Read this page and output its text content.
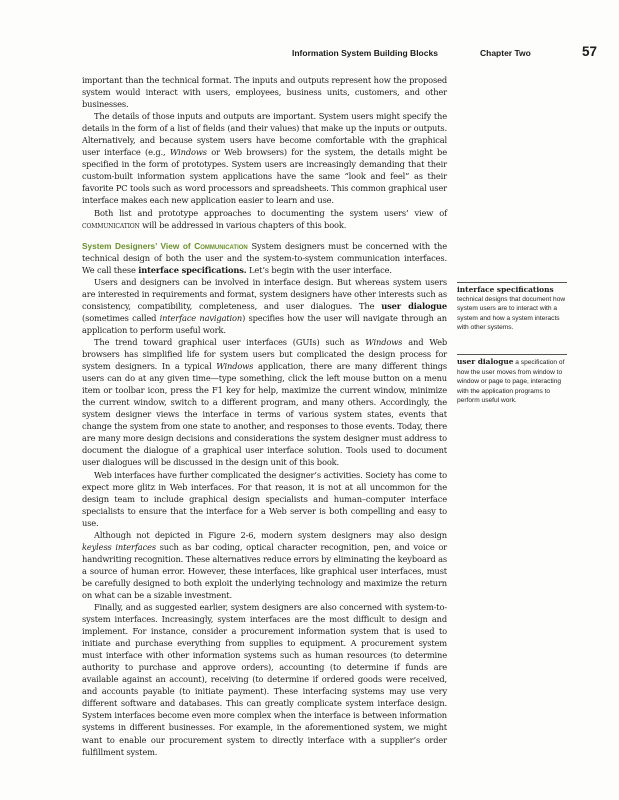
Information System Building Blocks	Chapter Two	57

important than the technical format. The inputs and outputs represent how the proposed system would interact with users, employees, business units, customers, and other businesses.

The details of those inputs and outputs are important. System users might specify the details in the form of a list of fields (and their values) that make up the inputs or outputs. Alternatively, and because system users have become comfortable with the graphical user interface (e.g., Windows or Web browsers) for the system, the details might be specified in the form of prototypes. System users are increasingly demanding that their custom-built information system applications have the same “look and feel” as their favorite PC tools such as word processors and spreadsheets. This common graphical user interface makes each new application easier to learn and use.

Both list and prototype approaches to documenting the system users’ view of communication will be addressed in various chapters of this book.

System Designers’ View of Communication System designers must be concerned with the technical design of both the user and the system-to-system communication interfaces. We call these interface specifications. Let’s begin with the user interface.

Users and designers can be involved in interface design. But whereas system users are interested in requirements and format, system designers have other interests such as consistency, compatibility, completeness, and user dialogues. The user dialogue (sometimes called interface navigation) specifies how the user will navigate through an application to perform useful work.

The trend toward graphical user interfaces (GUIs) such as Windows and Web browsers has simplified life for system users but complicated the design process for system designers. In a typical Windows application, there are many different things users can do at any given time—type something, click the left mouse button on a menu item or toolbar icon, press the F1 key for help, maximize the current window, minimize the current window, switch to a different program, and many others. Accordingly, the system designer views the interface in terms of various system states, events that change the system from one state to another, and responses to those events. Today, there are many more design decisions and considerations the system designer must address to document the dialogue of a graphical user interface solution. Tools used to document user dialogues will be discussed in the design unit of this book.

Web interfaces have further complicated the designer’s activities. Society has come to expect more glitz in Web interfaces. For that reason, it is not at all uncommon for the design team to include graphical design specialists and human–computer interface specialists to ensure that the interface for a Web server is both compelling and easy to use.

Although not depicted in Figure 2-6, modern system designers may also design keyless interfaces such as bar coding, optical character recognition, pen, and voice or handwriting recognition. These alternatives reduce errors by eliminating the keyboard as a source of human error. However, these interfaces, like graphical user interfaces, must be carefully designed to both exploit the underlying technology and maximize the return on what can be a sizable investment.

Finally, and as suggested earlier, system designers are also concerned with system-to-system interfaces. Increasingly, system interfaces are the most difficult to design and implement. For instance, consider a procurement information system that is used to initiate and purchase everything from supplies to equipment. A procurement system must interface with other information systems such as human resources (to determine authority to purchase and approve orders), accounting (to determine if funds are available against an account), receiving (to determine if ordered goods were received, and accounts payable (to initiate payment). These interfacing systems may use very different software and databases. This can greatly complicate system interface design. System interfaces become even more complex when the interface is between information systems in different businesses. For example, in the aforementioned system, we might want to enable our procurement system to directly interface with a supplier’s order fulfillment system.

interface specifications
technical designs that document how system users are to interact with a system and how a system interacts with other systems.
user dialogue a specification of how the user moves from window to window or page to page, interacting with the application programs to perform useful work.
